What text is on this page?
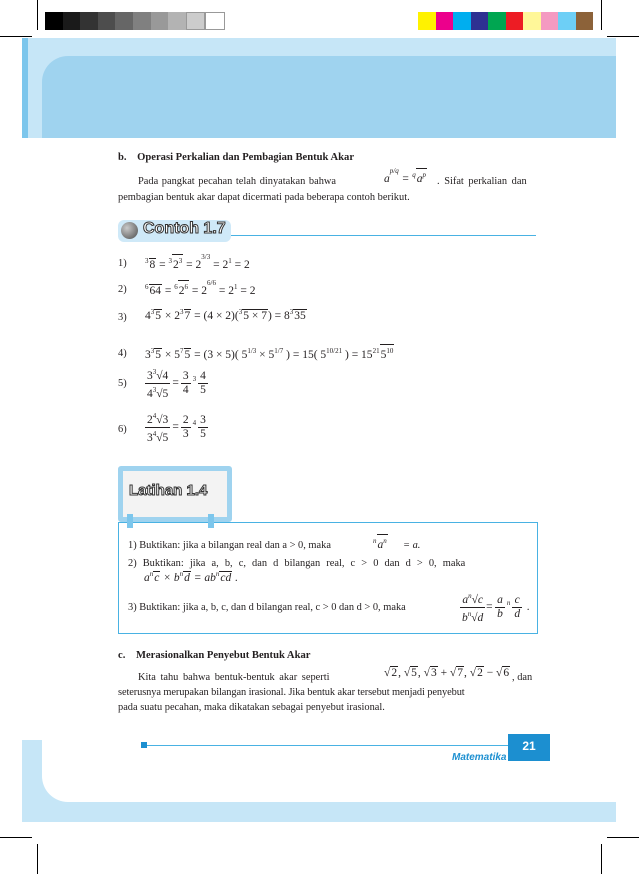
b. Operasi Perkalian dan Pembagian Bentuk Akar
Pada pangkat pecahan telah dinyatakan bahwa	$a^{p/q} = ^qa^p$
. Sifat perkalian dan
pembagian bentuk akar dapat dicermati pada beberapa contoh berikut.
Contoh 1.7
1)	$^38 = ^32^3 = 2^{3/3} = 2^1 = 2$
2)	$^664 = ^62^6 = 2^{6/6} = 2^1 = 2$
3) $4^35 \times 2^37 = (4 \times 2)(^35 \times 7) = 8^335$
4) $3^35 \times 5^75 = (3 \times 5)$( $5^{1/3} \times 5^{1/7}$ ) = 15( $5^{10/21}$ ) = $15^{21}5^{10}$
$5) \frac{3^3√4}{4^3√5} = \frac{3}{4} ^3 \frac{4}{5}$
$6) \frac{2^4√3}{3^4√5} = \frac{2}{3} ^4 \frac{3}{5}$
Latihan 1.4
1) Buktikan: jika a bilangan real dan a > 0, maka	$^na^n = a$.
2) Buktikan: jika a, b, c, dan d bilangan real, c > 0 dan d > 0, maka
$a^nc \times b^nd = ab^ncd$ .
3) Buktikan: jika a, b, c, dan d bilangan real, c > 0 dan d > 0, maka	$\frac{a^n√c}{b^n√d} = \frac{a}{b} ^n \frac{c}{d}$ .
c. Merasionalkan Penyebut Bentuk Akar
Kita tahu bahwa bentuk-bentuk akar seperti	√2, √5, √3 + √7, √2 − √6 , dan
seterusnya merupakan bilangan irasional. Jika bentuk akar tersebut menjadi penyebut
pada suatu pecahan, maka dikatakan sebagai penyebut irasional.
Matematika
21
